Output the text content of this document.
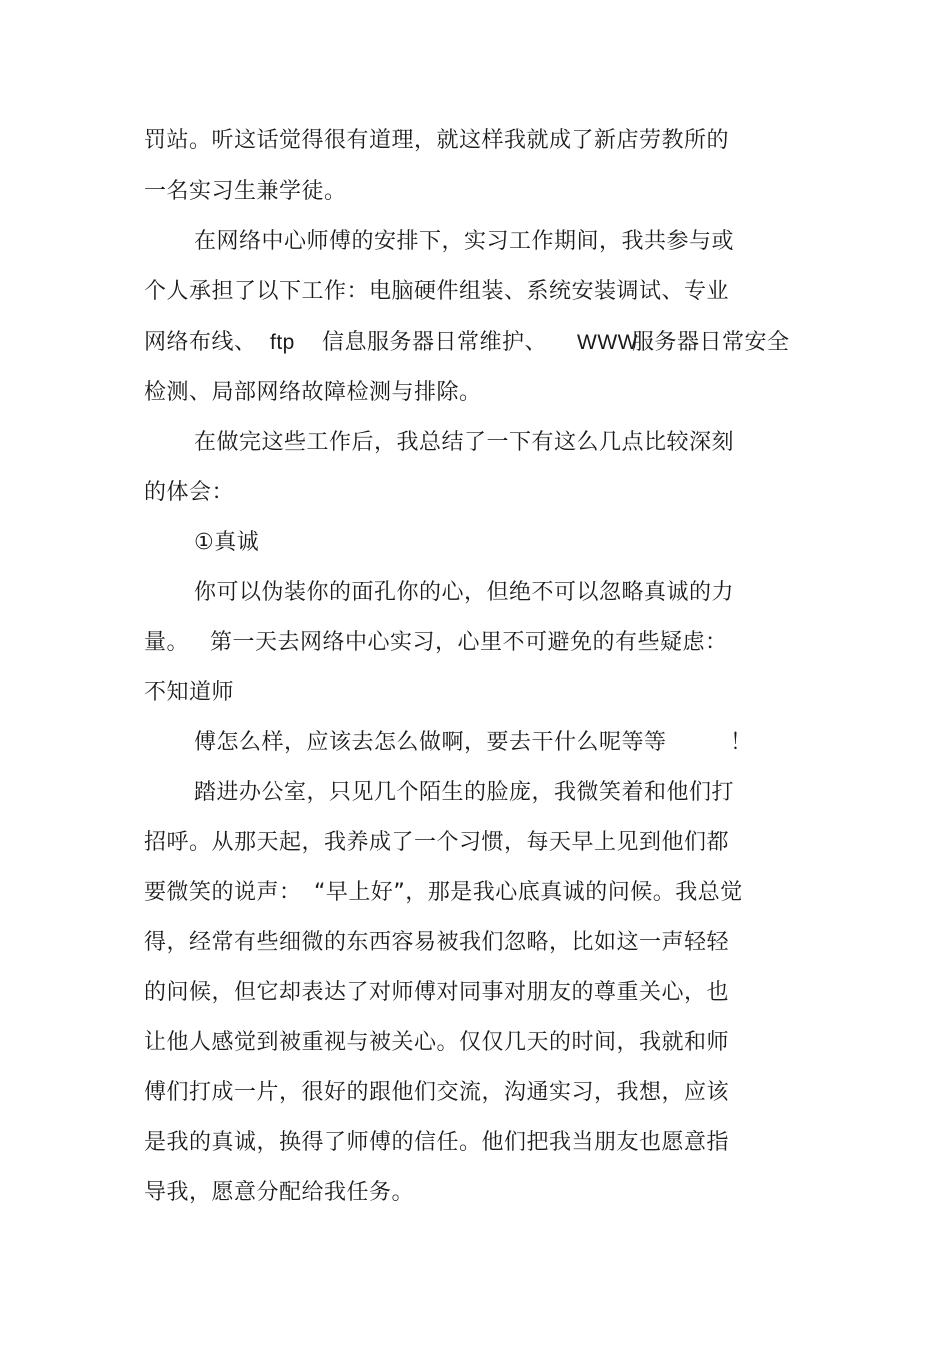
罚站。听这话觉得很有道理，就这样我就成了新店劳教所的
一名实习生兼学徒。
在网络中心师傅的安排下，实习工作期间，我共参与或
个人承担了以下工作：电脑硬件组装、系统安装调试、专业
网络布线、 ftp 信息服务器日常维护、 WWW
服务器日常安全
检测、局部网络故障检测与排除。
在做完这些工作后，我总结了一下有这么几点比较深刻
的体会：
①真诚
你可以伪装你的面孔你的心，但绝不可以忽略真诚的力
量。 第一天去网络中心实习，心里不可避免的有些疑虑：
不知道师
傅怎么样，应该去怎么做啊，要去干什么呢等等	！
踏进办公室，只见几个陌生的脸庞，我微笑着和他们打
招呼。从那天起，我养成了一个习惯，每天早上见到他们都
要微笑的说声： “早上好”，那是我心底真诚的问候。我总觉
得，经常有些细微的东西容易被我们忽略，比如这一声轻轻
的问候，但它却表达了对师傅对同事对朋友的尊重关心，也
让他人感觉到被重视与被关心。仅仅几天的时间，我就和师
傅们打成一片，很好的跟他们交流，沟通实习，我想，应该
是我的真诚，换得了师傅的信任。他们把我当朋友也愿意指
导我，愿意分配给我任务。
